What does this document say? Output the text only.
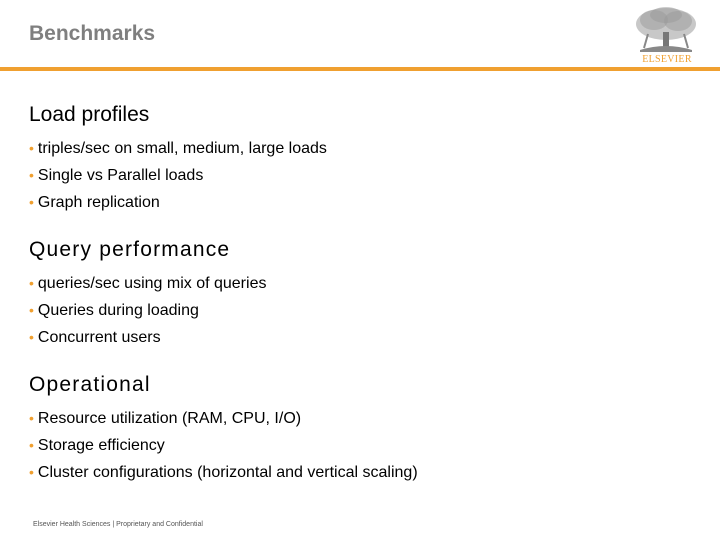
Benchmarks
ELSEVIER
Load profiles
• triples/sec on small, medium, large loads
• Single vs Parallel loads
• Graph replication
Query performance
• queries/sec using mix of queries
• Queries during loading
• Concurrent users
Operational
• Resource utilization (RAM, CPU, I/O)
• Storage efficiency
• Cluster configurations (horizontal and vertical scaling)
Elsevier Health Sciences | Proprietary and Confidential
